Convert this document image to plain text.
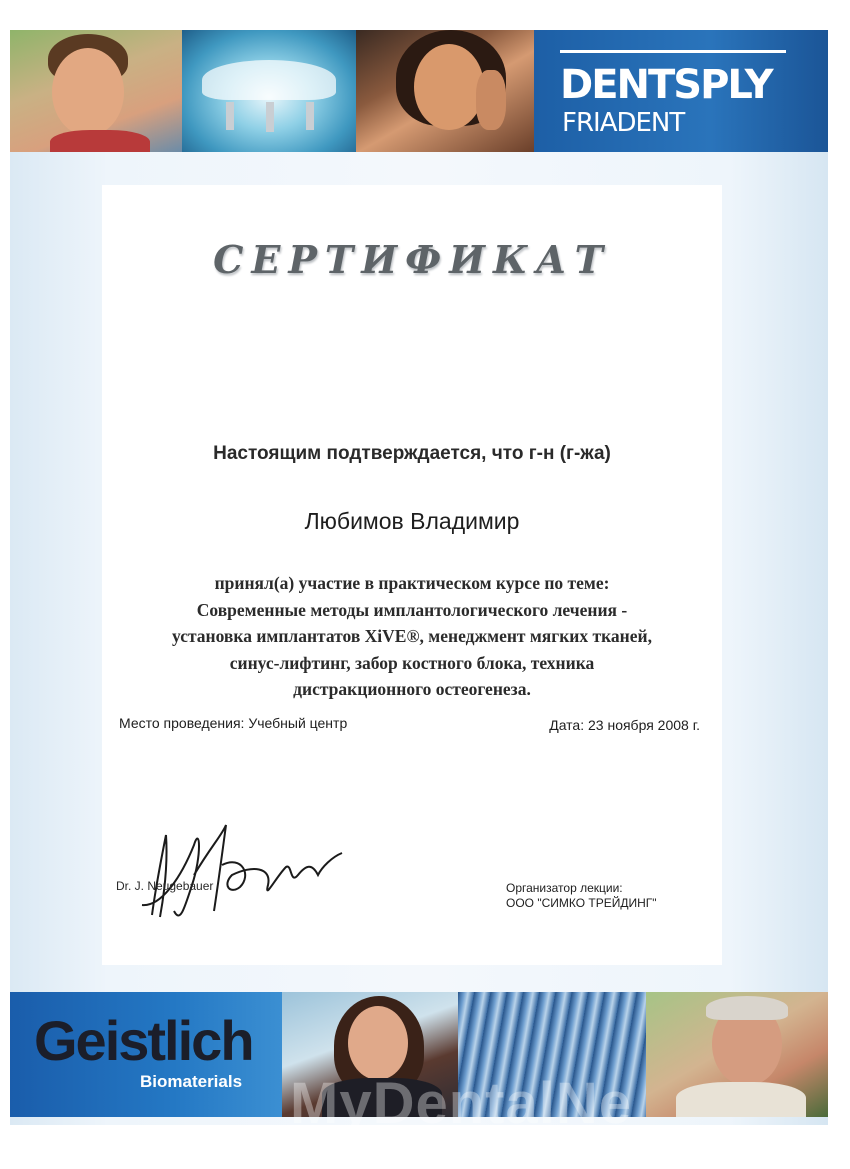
DENTSPLY
FRIADENT
СЕРТИФИКАТ
Настоящим подтверждается, что г-н (г-жа)
Любимов Владимир
принял(а) участие в практическом курсе по теме:
Современные методы имплантологического лечения -
установка имплантатов XiVE®, менеджмент мягких тканей,
синус-лифтинг, забор костного блока, техника
дистракционного остеогенеза.
Место проведения: Учебный центр	Дата: 23 ноября 2008 г.
Dr. J. Neugebauer	Организатор лекции:
ООО "СИМКО ТРЕЙДИНГ"
Geistlich
Biomaterials MyDentalNe
